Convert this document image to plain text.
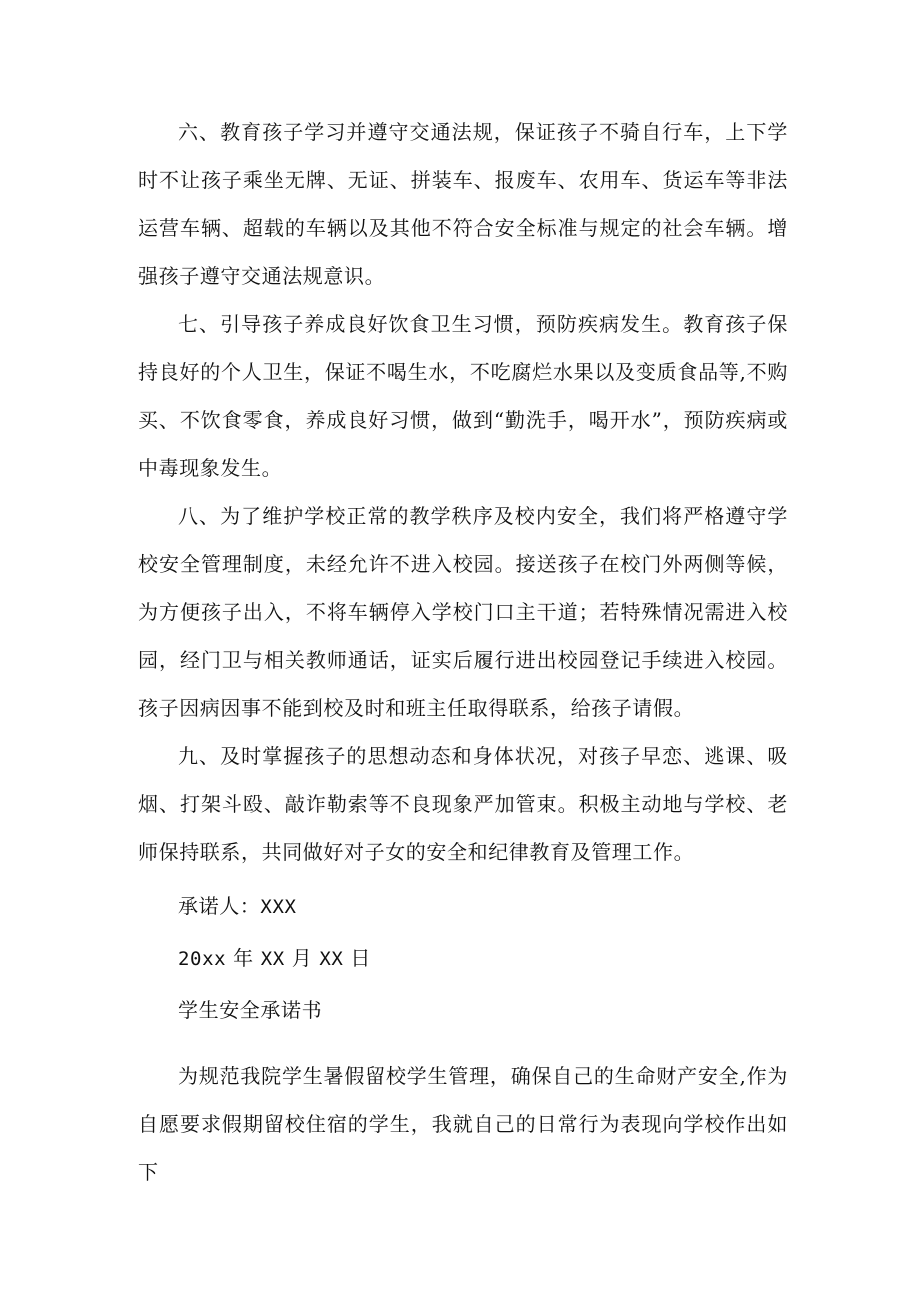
六、教育孩子学习并遵守交通法规，保证孩子不骑自行车，上下学时不让孩子乘坐无牌、无证、拼装车、报废车、农用车、货运车等非法运营车辆、超载的车辆以及其他不符合安全标准与规定的社会车辆。增强孩子遵守交通法规意识。

七、引导孩子养成良好饮食卫生习惯，预防疾病发生。教育孩子保持良好的个人卫生，保证不喝生水，不吃腐烂水果以及变质食品等,不购买、不饮食零食，养成良好习惯，做到“勤洗手，喝开水”，预防疾病或中毒现象发生。

八、为了维护学校正常的教学秩序及校内安全，我们将严格遵守学校安全管理制度，未经允许不进入校园。接送孩子在校门外两侧等候，为方便孩子出入，不将车辆停入学校门口主干道；若特殊情况需进入校园，经门卫与相关教师通话，证实后履行进出校园登记手续进入校园。孩子因病因事不能到校及时和班主任取得联系，给孩子请假。

九、及时掌握孩子的思想动态和身体状况，对孩子早恋、逃课、吸烟、打架斗殴、敲诈勒索等不良现象严加管束。积极主动地与学校、老师保持联系，共同做好对子女的安全和纪律教育及管理工作。

承诺人：XXX

20xx 年 XX 月 XX 日

学生安全承诺书

为规范我院学生暑假留校学生管理，确保自己的生命财产安全,作为自愿要求假期留校住宿的学生，我就自己的日常行为表现向学校作出如下
